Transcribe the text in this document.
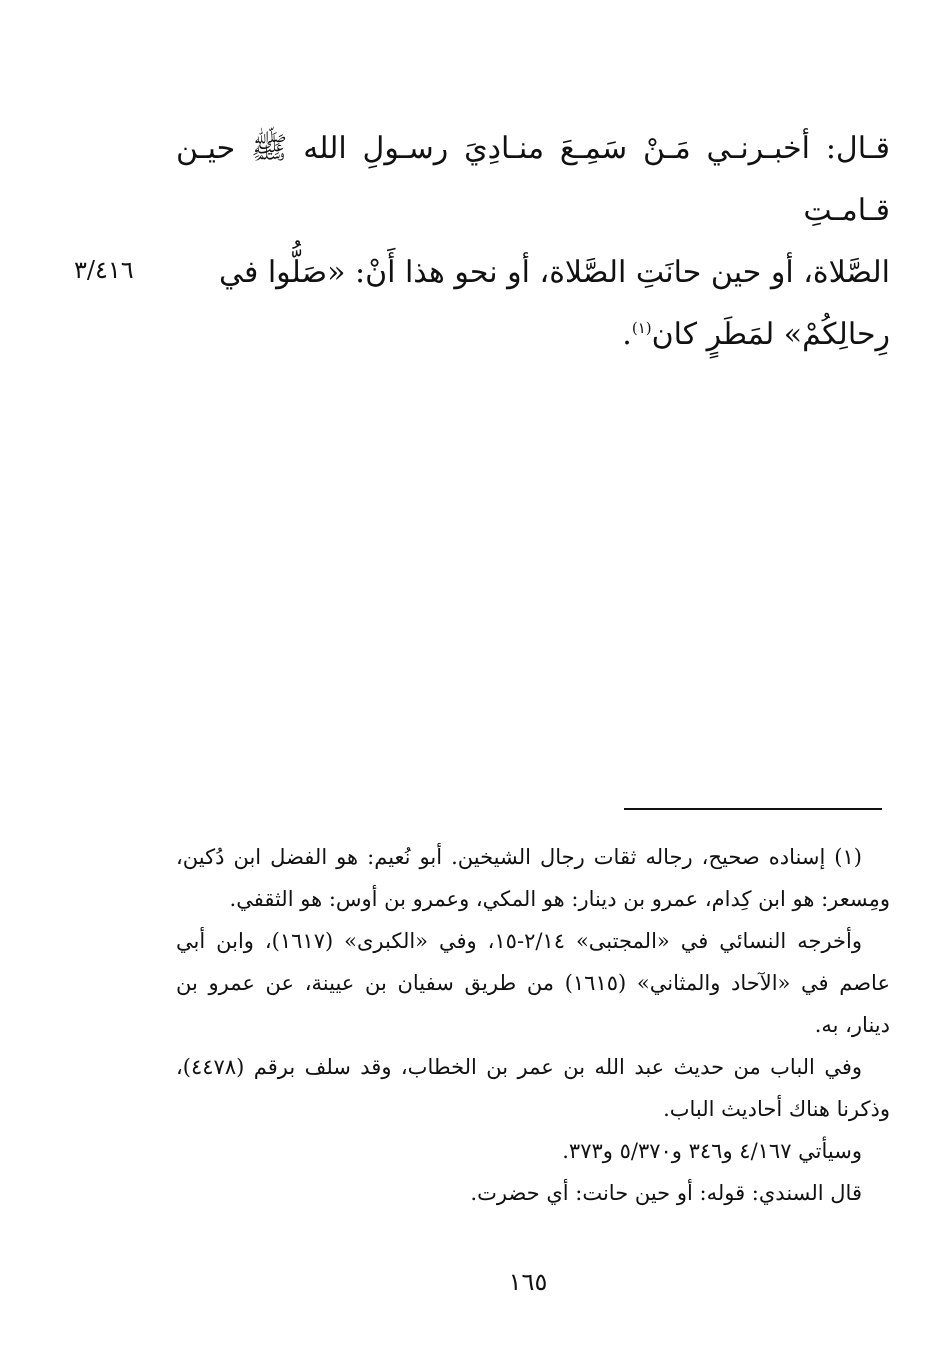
قـال: أخبـرنـي مَـنْ سَمِـعَ منـادِيَ رسـولِ الله ﷺ حيـن قـامـتِ

الصَّلاة، أو حين حانَتِ الصَّلاة، أو نحو هذا أَنْ: «صَلُّوا في

رِحالِكُمْ» لمَطَرٍ كان$^{(١)}$.

٣/٤١٦

(١) إسناده صحيح، رجاله ثقات رجال الشيخين. أبو نُعيم: هو الفضل ابن دُكين، ومِسعر: هو ابن كِدام، عمرو بن دينار: هو المكي، وعمرو بن أوس: هو الثقفي.

وأخرجه النسائي في «المجتبى» ٢/١٤-١٥، وفي «الكبرى» (١٦١٧)، وابن أبي عاصم في «الآحاد والمثاني» (١٦١٥) من طريق سفيان بن عيينة، عن عمرو بن دينار، به.

وفي الباب من حديث عبد الله بن عمر بن الخطاب، وقد سلف برقم (٤٤٧٨)، وذكرنا هناك أحاديث الباب.

وسيأتي ٤/١٦٧ و٣٤٦ و٥/٣٧٠ و٣٧٣.

قال السندي: قوله: أو حين حانت: أي حضرت.

١٦٥
